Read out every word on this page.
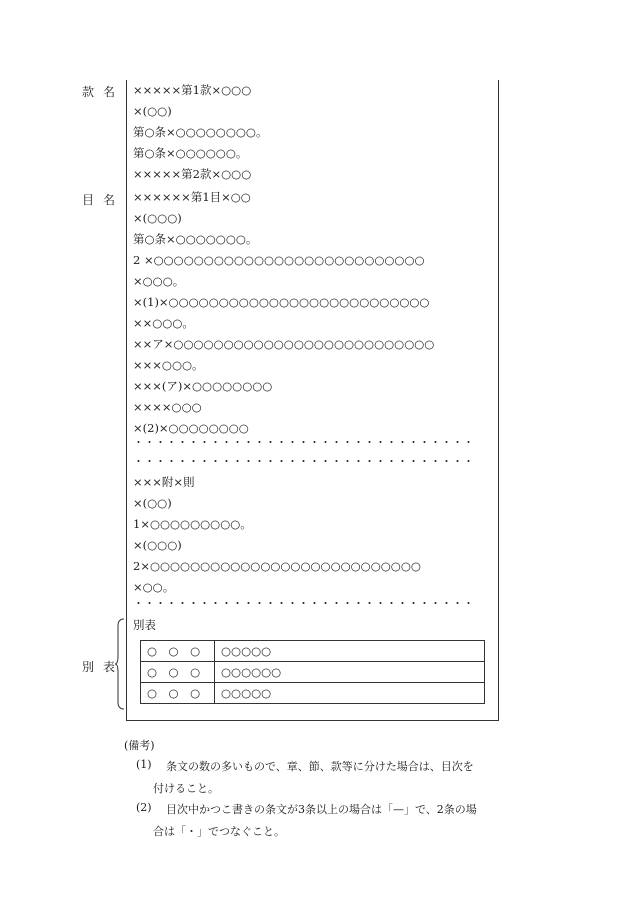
款 名
目 名
別 表
×××××第1款×○○○
×(○○)
第○条×○○○○○○○○。
第○条×○○○○○○。
×××××第2款×○○○
××××××第1目×○○
×(○○○)
第○条×○○○○○○○。
2 ×○○○○○○○○○○○○○○○○○○○○○○○○○○○
×○○○。
×(1)×○○○○○○○○○○○○○○○○○○○○○○○○○○
××○○○。
××ア×○○○○○○○○○○○○○○○○○○○○○○○○○○
×××○○○。
×××(ア)×○○○○○○○○
××××○○○
×(2)×○○○○○○○○
・・・・・・・・・・・・・・・・・・・・・・・・・・・・・・・
・・・・・・・・・・・・・・・・・・・・・・・・・・・・・・・
×××附×則
×(○○)
1×○○○○○○○○○。
×(○○○)
2×○○○○○○○○○○○○○○○○○○○○○○○○○○○
×○○。
・・・・・・・・・・・・・・・・・・・・・・・・・・・・・・・
別表
○　○　○	○○○○○
○　○　○	○○○○○○
○　○　○	○○○○○
(備考)
(1) 条文の数の多いもので、章、節、款等に分けた場合は、目次を
付けること。
(2) 目次中かつこ書きの条文が3条以上の場合は「—」で、2条の場
合は「・」でつなぐこと。
